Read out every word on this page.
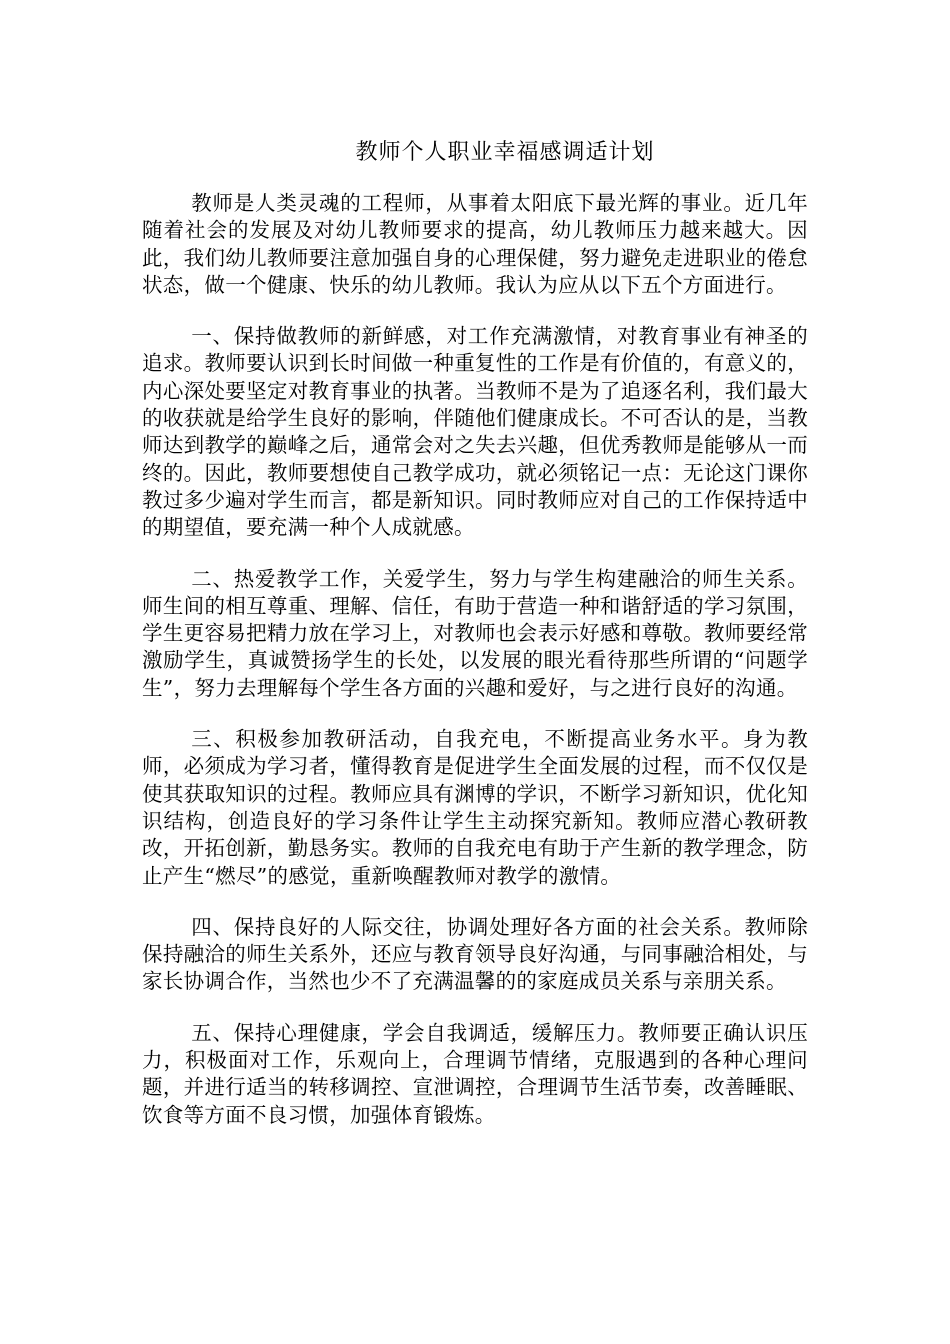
教师个人职业幸福感调适计划

教师是人类灵魂的工程师，从事着太阳底下最光辉的事业。近几年随着社会的发展及对幼儿教师要求的提高，幼儿教师压力越来越大。因此，我们幼儿教师要注意加强自身的心理保健，努力避免走进职业的倦怠状态，做一个健康、快乐的幼儿教师。我认为应从以下五个方面进行。

一、保持做教师的新鲜感，对工作充满激情，对教育事业有神圣的追求。教师要认识到长时间做一种重复性的工作是有价值的，有意义的，内心深处要坚定对教育事业的执著。当教师不是为了追逐名利，我们最大的收获就是给学生良好的影响，伴随他们健康成长。不可否认的是，当教师达到教学的巅峰之后，通常会对之失去兴趣，但优秀教师是能够从一而终的。因此，教师要想使自己教学成功，就必须铭记一点：无论这门课你教过多少遍对学生而言，都是新知识。同时教师应对自己的工作保持适中的期望值，要充满一种个人成就感。

二、热爱教学工作，关爱学生，努力与学生构建融洽的师生关系。师生间的相互尊重、理解、信任，有助于营造一种和谐舒适的学习氛围，学生更容易把精力放在学习上，对教师也会表示好感和尊敬。教师要经常激励学生，真诚赞扬学生的长处，以发展的眼光看待那些所谓的“问题学生”，努力去理解每个学生各方面的兴趣和爱好，与之进行良好的沟通。

三、积极参加教研活动，自我充电，不断提高业务水平。身为教师，必须成为学习者，懂得教育是促进学生全面发展的过程，而不仅仅是使其获取知识的过程。教师应具有渊博的学识，不断学习新知识，优化知识结构，创造良好的学习条件让学生主动探究新知。教师应潜心教研教改，开拓创新，勤恳务实。教师的自我充电有助于产生新的教学理念，防止产生“燃尽”的感觉，重新唤醒教师对教学的激情。

四、保持良好的人际交往，协调处理好各方面的社会关系。教师除保持融洽的师生关系外，还应与教育领导良好沟通，与同事融洽相处，与家长协调合作，当然也少不了充满温馨的的家庭成员关系与亲朋关系。

五、保持心理健康，学会自我调适，缓解压力。教师要正确认识压力，积极面对工作，乐观向上，合理调节情绪，克服遇到的各种心理问题，并进行适当的转移调控、宣泄调控，合理调节生活节奏，改善睡眠、饮食等方面不良习惯，加强体育锻炼。
